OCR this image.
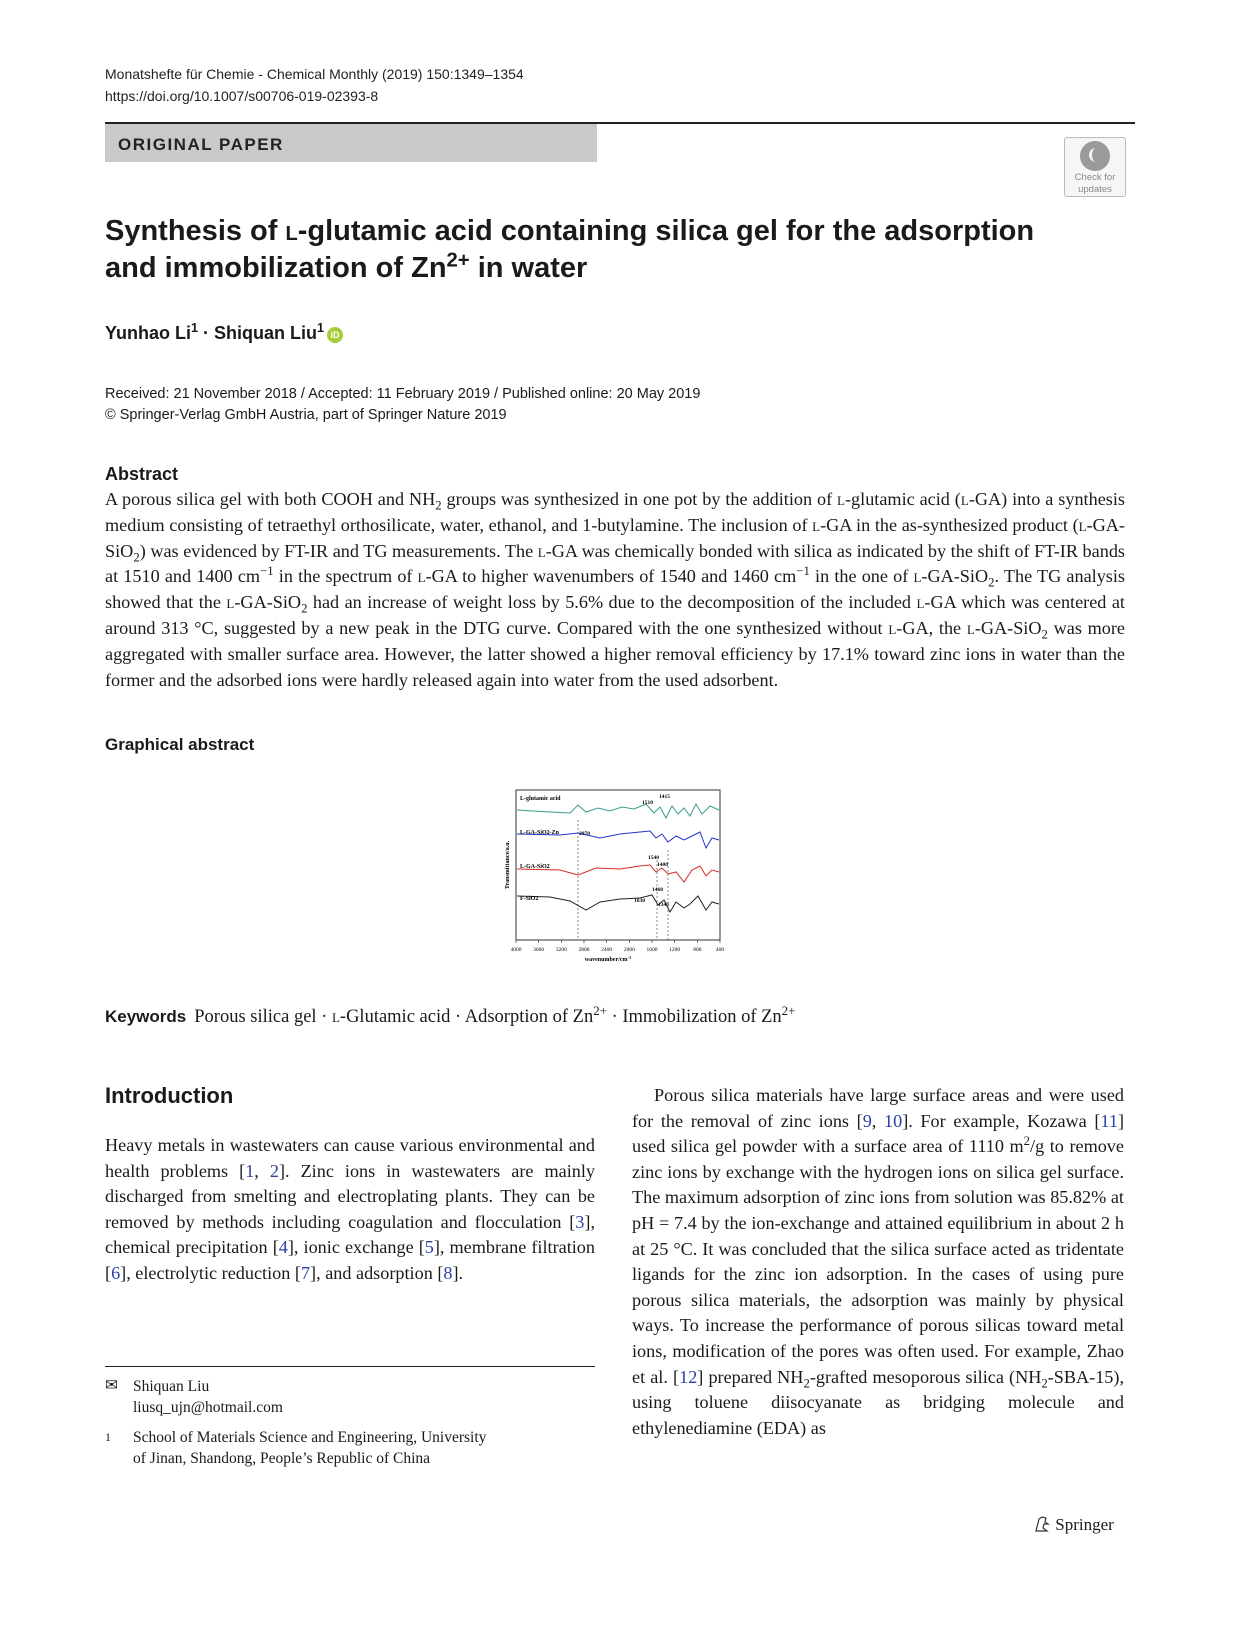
Monatshefte für Chemie - Chemical Monthly (2019) 150:1349–1354
https://doi.org/10.1007/s00706-019-02393-8
ORIGINAL PAPER
Check for
updates
Synthesis of l-glutamic acid containing silica gel for the adsorption
and immobilization of $Zn^{2+}$ in water
Yunhao $Li^1$ · Shiquan Liu$^1$ iD
Received: 21 November 2018 / Accepted: 11 February 2019 / Published online: 20 May 2019
© Springer-Verlag GmbH Austria, part of Springer Nature 2019
Abstract
A porous silica gel with both COOH and $NH_2$ groups was synthesized in one pot by the addition of l-glutamic acid (l-GA) into a synthesis medium consisting of tetraethyl orthosilicate, water, ethanol, and 1-butylamine. The inclusion of l-GA in the as-synthesized product (l-GA-SiO$_2$) was evidenced by FT-IR and TG measurements. The l-GA was chemically bonded with silica as indicated by the shift of FT-IR bands at 1510 and 1400 $cm^{-1}$ in the spectrum of l-GA to higher wavenumbers of 1540 and 1460 $cm^{-1}$ in the one of l-GA-SiO$_2$. The TG analysis showed that the l-GA-SiO$_2$ had an increase of weight loss by 5.6% due to the decomposition of the included l-GA which was centered at around 313 °C, suggested by a new peak in the DTG curve. Compared with the one synthesized without l-GA, the l-GA-SiO$_2$ was more aggregated with smaller surface area. However, the latter showed a higher removal efficiency by 17.1% toward zinc ions in water than the former and the adsorbed ions were hardly released again into water from the used adsorbent.
Graphical abstract
L-glutamic acid
L-GA-SiO2-Zn
L-GA-SiO2
F-SiO2
1510
1415
2970
1540
1400
1460
1630
1345
4000 3600 3200 2800 2400 2000 1600 1200 800	400
wavenumber/$cm^{-1}$
Transmittance/a.u.
Keywords Porous silica gel · l-Glutamic acid · Adsorption of $Zn^{2+}$ · Immobilization of $Zn^{2+}$
Introduction
Heavy metals in wastewaters can cause various environmental and health problems [1, 2]. Zinc ions in wastewaters are mainly discharged from smelting and electroplating plants. They can be removed by methods including coagulation and flocculation [3], chemical precipitation [4], ionic exchange [5], membrane filtration [6], electrolytic reduction [7], and adsorption [8].
Porous silica materials have large surface areas and were used for the removal of zinc ions [9, 10]. For example, Kozawa [11] used silica gel powder with a surface area of 1110 $m^2/g$ to remove zinc ions by exchange with the hydrogen ions on silica gel surface. The maximum adsorption of zinc ions from solution was 85.82% at pH = 7.4 by the ion-exchange and attained equilibrium in about 2 h at 25 °C. It was concluded that the silica surface acted as tridentate ligands for the zinc ion adsorption. In the cases of using pure porous silica materials, the adsorption was mainly by physical ways. To increase the performance of porous silicas toward metal ions, modification of the pores was often used. For example, Zhao et al. [12] prepared $NH_2$-grafted mesoporous silica $(NH_2-SBA-15)$, using toluene diisocyanate as bridging molecule and ethylenediamine (EDA) as
✉ Shiquan Liu
liusq_ujn@hotmail.com
1 School of Materials Science and Engineering, University
of Jinan, Shandong, People’s Republic of China
Springer
